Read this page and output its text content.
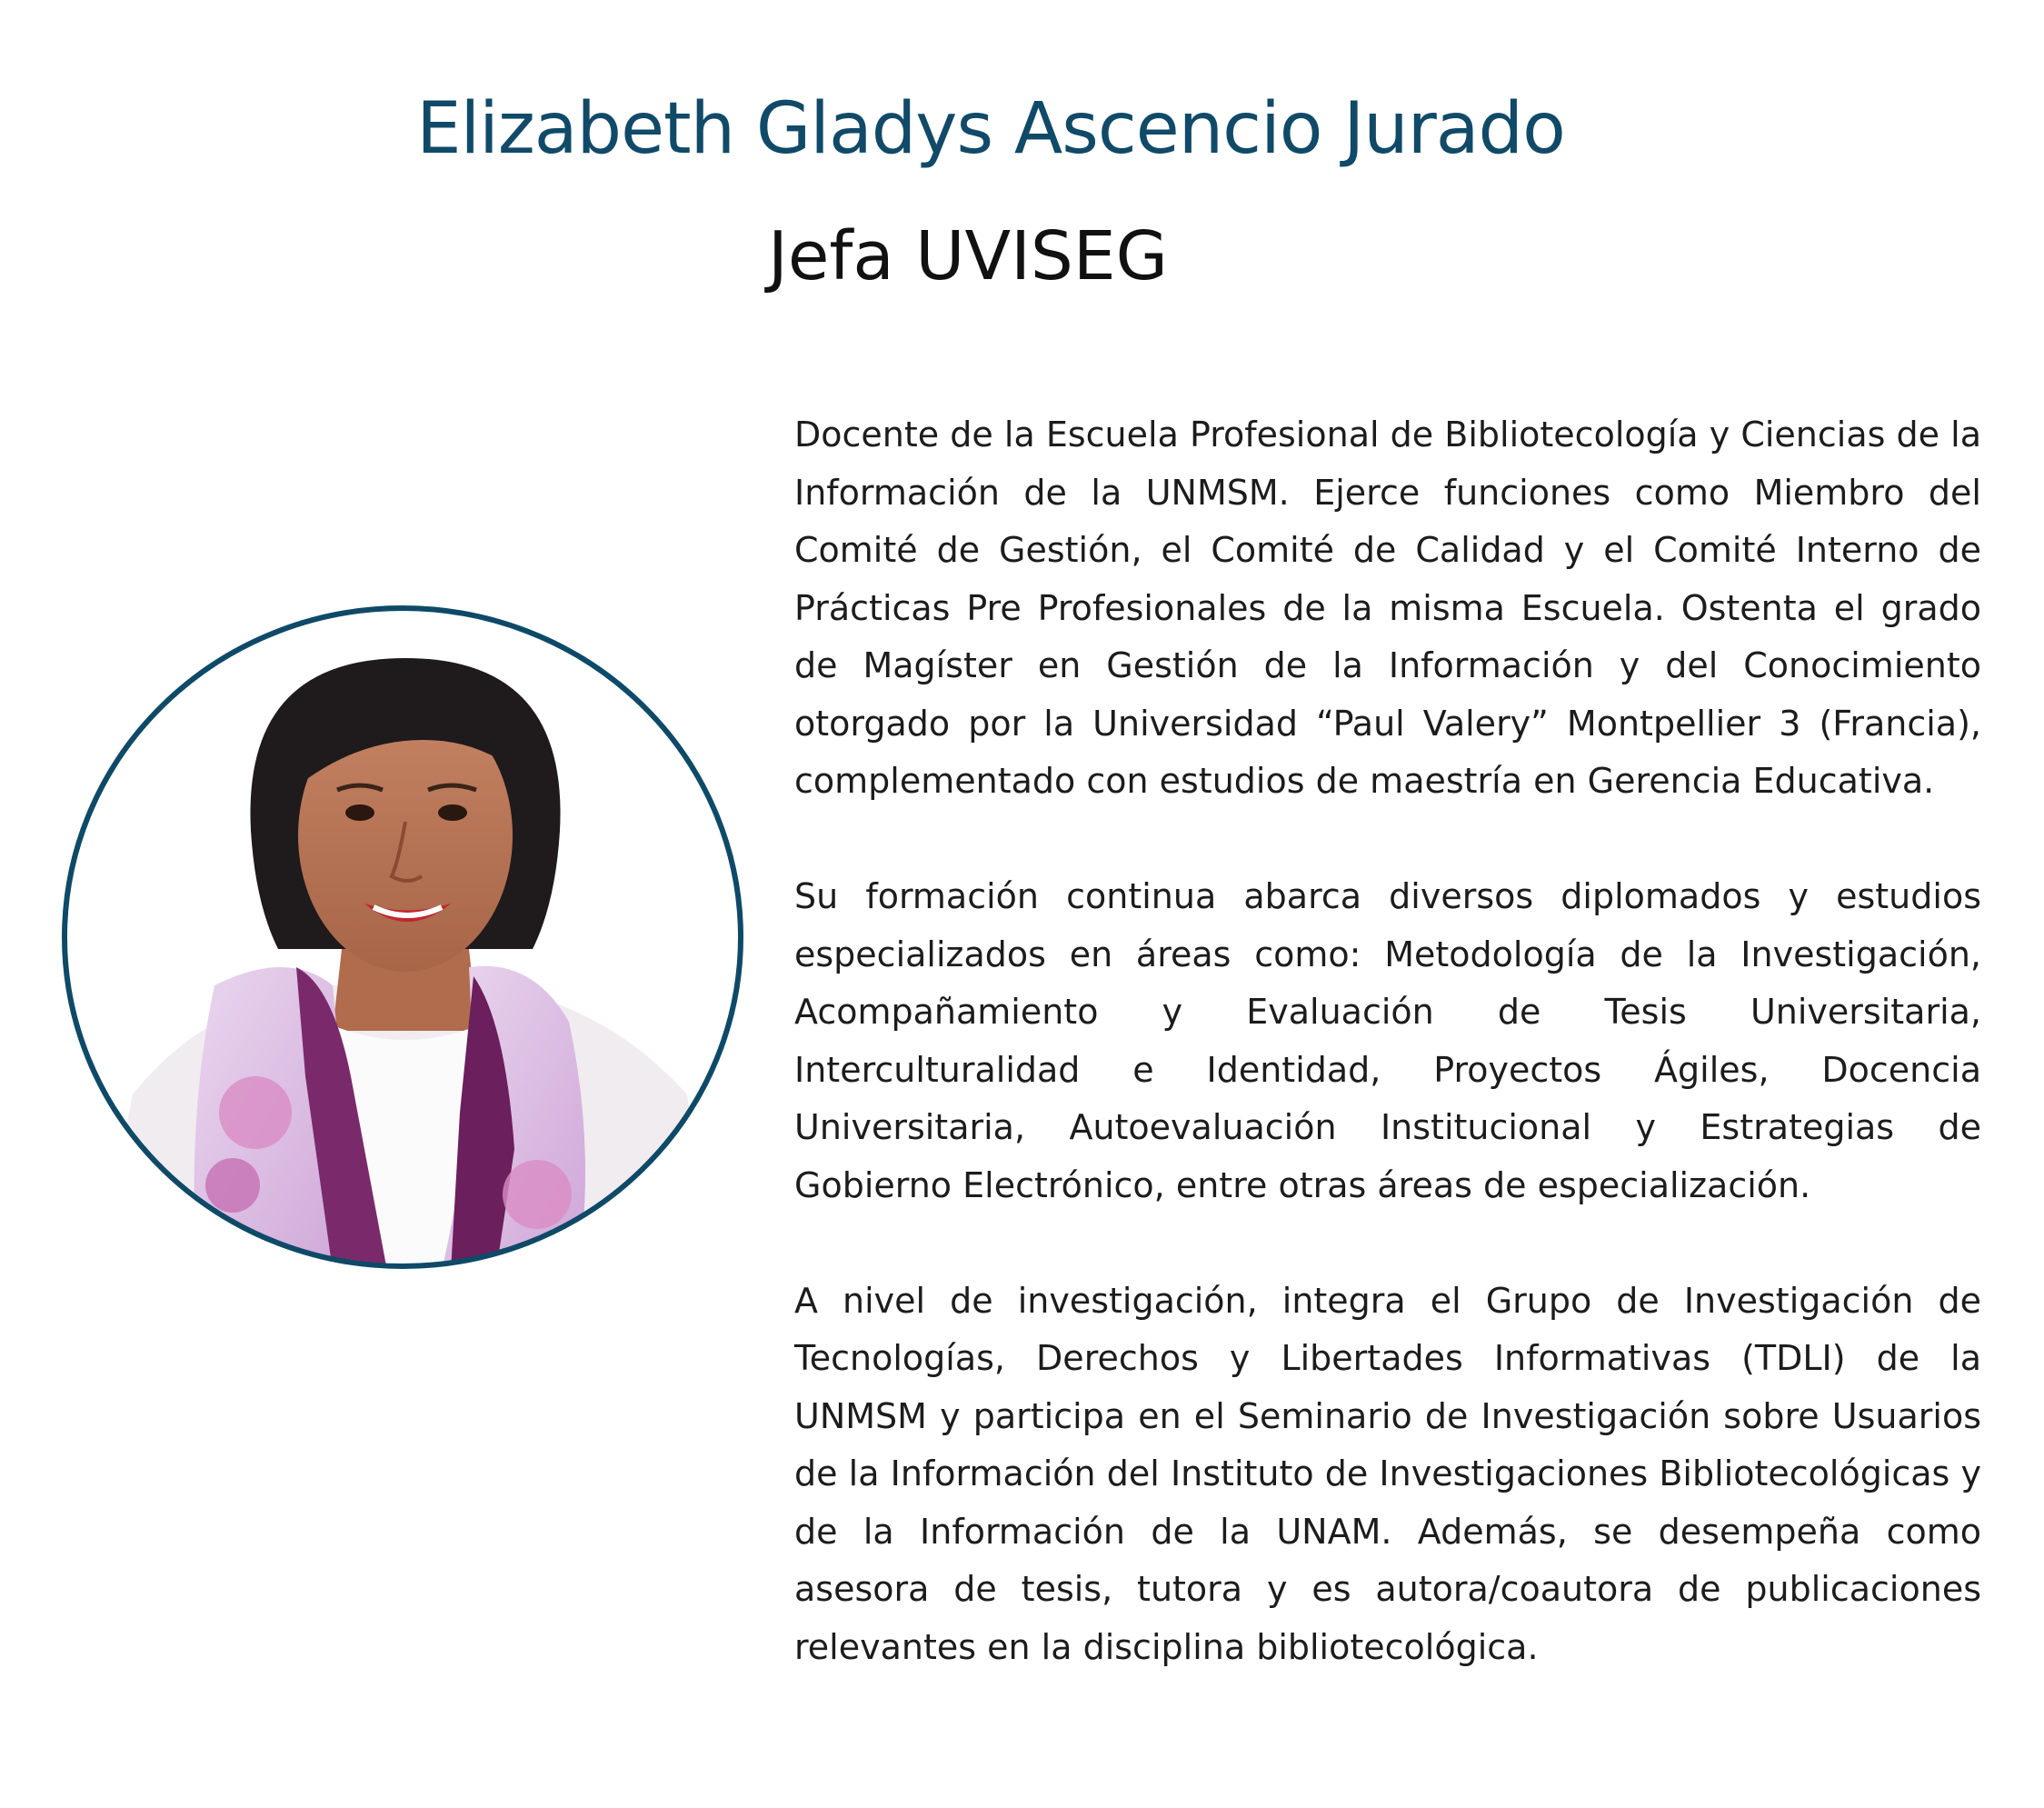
Elizabeth Gladys Ascencio Jurado
Jefa UVISEG

Docente de la Escuela Profesional de Bibliotecología y Ciencias de la Información de la UNMSM. Ejerce funciones como Miembro del Comité de Gestión, el Comité de Calidad y el Comité Interno de Prácticas Pre Profesionales de la misma Escuela. Ostenta el grado de Magíster en Gestión de la Información y del Conocimiento otorgado por la Universidad “Paul Valery” Montpellier 3 (Francia), complementado con estudios de maestría en Gerencia Educativa.

Su formación continua abarca diversos diplomados y estudios especializados en áreas como: Metodología de la Investigación, Acompañamiento y Evaluación de Tesis Universitaria, Interculturalidad e Identidad, Proyectos Ágiles, Docencia Universitaria, Autoevaluación Institucional y Estrategias de Gobierno Electrónico, entre otras áreas de especialización.

A nivel de investigación, integra el Grupo de Investigación de Tecnologías, Derechos y Libertades Informativas (TDLI) de la UNMSM y participa en el Seminario de Investigación sobre Usuarios de la Información del Instituto de Investigaciones Bibliotecológicas y de la Información de la UNAM. Además, se desempeña como asesora de tesis, tutora y es autora/coautora de publicaciones relevantes en la disciplina bibliotecológica.
